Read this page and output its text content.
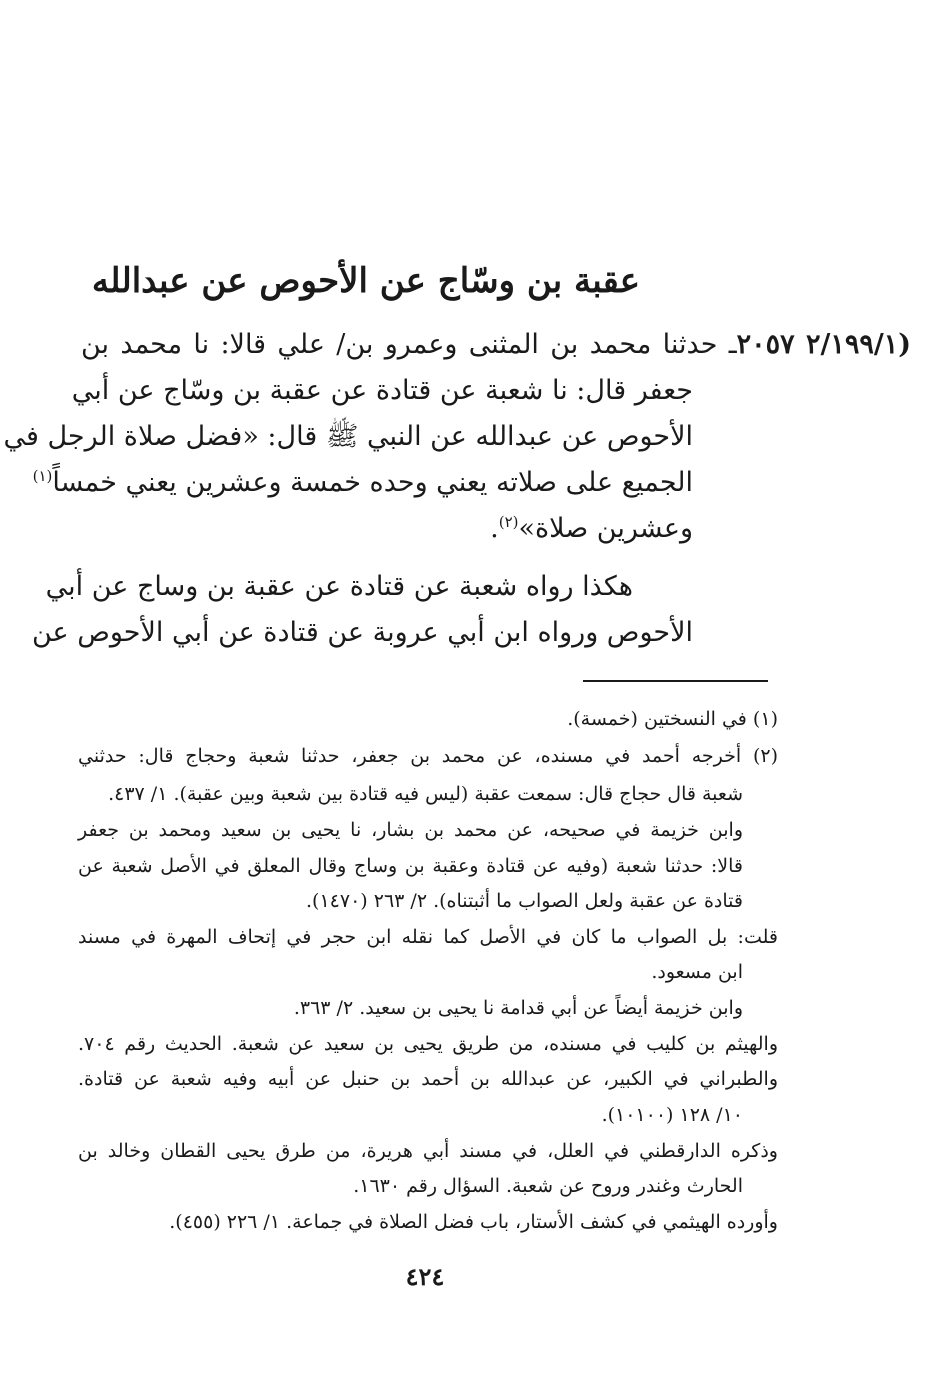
عقبة بن وسّاج عن الأحوص عن عبدالله
(٢/١٩٩/١ ٢٠٥٧ـ حدثنا محمد بن المثنى وعمرو بن/ علي قالا: نا محمد بن
جعفر قال: نا شعبة عن قتادة عن عقبة بن وسّاج عن أبي
الأحوص عن عبدالله عن النبي ﷺ قال: «فضل صلاة الرجل في
الجميع على صلاته يعني وحده خمسة وعشرين يعني خمساً$^{(١)}$
وعشرين صلاة»$^{(٢)}$.
هكذا رواه شعبة عن قتادة عن عقبة بن وساج عن أبي
الأحوص ورواه ابن أبي عروبة عن قتادة عن أبي الأحوص عن
(١) في النسختين (خمسة).
(٢) أخرجه أحمد في مسنده، عن محمد بن جعفر، حدثنا شعبة وحجاج قال: حدثني
شعبة قال حجاج قال: سمعت عقبة (ليس فيه قتادة بين شعبة وبين عقبة). ١/ ٤٣٧.
وابن خزيمة في صحيحه، عن محمد بن بشار، نا يحيى بن سعيد ومحمد بن جعفر
قالا: حدثنا شعبة (وفيه عن قتادة وعقبة بن وساج وقال المعلق في الأصل شعبة عن
قتادة عن عقبة ولعل الصواب ما أثبتناه). ٢/ ٢٦٣ (١٤٧٠).
قلت: بل الصواب ما كان في الأصل كما نقله ابن حجر في إتحاف المهرة في مسند
ابن مسعود.
وابن خزيمة أيضاً عن أبي قدامة نا يحيى بن سعيد. ٢/ ٣٦٣.
والهيثم بن كليب في مسنده، من طريق يحيى بن سعيد عن شعبة. الحديث رقم ٧٠٤.
والطبراني في الكبير، عن عبدالله بن أحمد بن حنبل عن أبيه وفيه شعبة عن قتادة.
١٠/ ١٢٨ (١٠١٠٠).
وذكره الدارقطني في العلل، في مسند أبي هريرة، من طرق يحيى القطان وخالد بن
الحارث وغندر وروح عن شعبة. السؤال رقم ١٦٣٠.
وأورده الهيثمي في كشف الأستار، باب فضل الصلاة في جماعة. ١/ ٢٢٦ (٤٥٥).
٤٢٤
